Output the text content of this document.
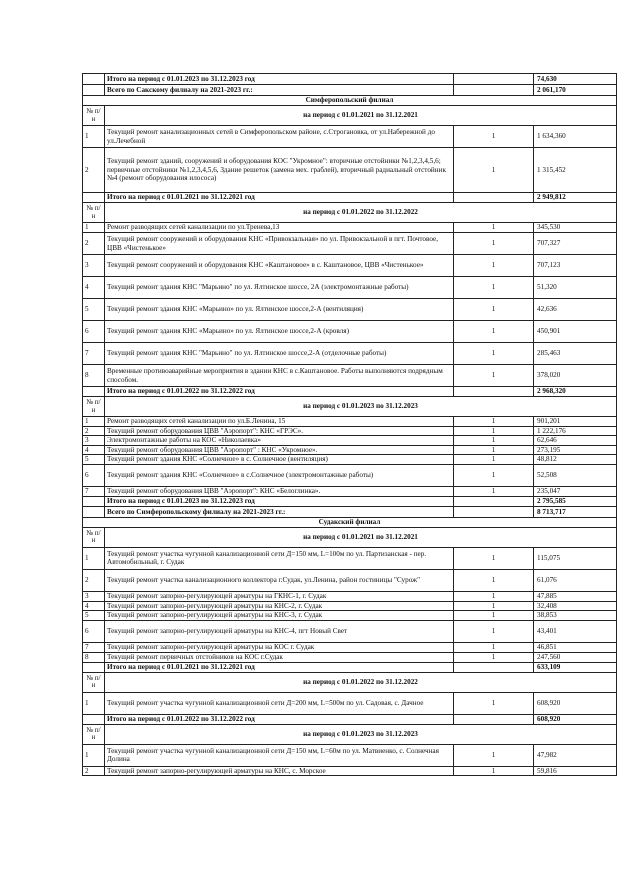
	Итого на период с 01.01.2023 по 31.12.2023 год		74,630
	Всего по Сакскому филиалу на 2021-2023 гг.:		2 061,170
Симферопольский филиал			
№ п/н	на период с 01.01.2021 по 31.12.2021		
1	Текущий ремонт канализационных сетей в Симферопольском районе, с.Строгановка, от ул.Набережной до ул.Лечебной	1	1 634,360
2	Текущий ремонт зданий, сооружений и оборудования КОС "Укромное": вторичные отстойники №1,2,3,4,5,6; первичные отстойники №1,2,3,4,5,6, Здание решеток (замена мех. граблей), вторичный радиальный отстойник №4 (ремонт оборудования илососа)	1	1 315,452
	Итого на период с 01.01.2021 по 31.12.2021 год		2 949,812
№ п/н	на период с 01.01.2022 по 31.12.2022		
1	Ремонт разводящих сетей канализации по ул.Тренева,13	1	345,530
2	Текущий ремонт сооружений и оборудования КНС «Привокзальная» по ул. Привокзальной в пгт. Почтовое, ЦВВ «Чистенькое»	1	707,327
3	Текущий ремонт сооружений и оборудования КНС «Каштановое» в с. Каштановое, ЦВВ «Чистенькое»	1	707,123
4	Текущий ремонт здания КНС "Марьино" по ул. Ялтинское шоссе, 2А (электромонтажные работы)	1	51,320
5	Текущий ремонт здания КНС «Марьино» по ул. Ялтинское шоссе,2-А (вентиляция)	1	42,636
6	Текущий ремонт здания КНС «Марьино» по ул. Ялтинское шоссе,2-А (кровля)	1	450,901
7	Текущий ремонт здания КНС "Марьино" по ул. Ялтинское шоссе,2-А (отделочные работы)	1	285,463
8	Временные противоаварийные мероприятия в здании КНС в с.Каштановое. Работы выполняются подрядным способом.	1	378,020
	Итого на период с 01.01.2022 по 31.12.2022 год		2 968,320
№ п/н	на период с 01.01.2023 по 31.12.2023		
1	Ремонт разводящих сетей канализации по ул.Б.Ленина, 15	1	901,201
2	Текущий ремонт оборудования ЦВВ "Аэропорт": КНС «ГРЭС».	1	1 222,176
3	Электромонтажные работы на КОС «Николаевка»	1	62,646
4	Текущий ремонт оборудования ЦВВ "Аэропорт" : КНС «Укромное».	1	273,195
5	Текущий ремонт здания КНС «Солнечное» в с. Солнечное (вентиляция)	1	48,812
6	Текущий ремонт здания КНС «Солнечное» в с.Солнечное (электромонтажные работы)	1	52,508
7	Текущий ремонт оборудования ЦВВ "Аэропорт": КНС «Белоглинка».	1	235,047
	Итого на период с 01.01.2023 по 31.12.2023 год		2 795,585
	Всего по Симферопольскому филиалу на 2021-2023 гг.:		8 713,717
Судакский филиал			
№ п/н	на период с 01.01.2021 по 31.12.2021		
1	Текущий ремонт участка чугунной канализационной сети Д=150 мм, L=100м по ул. Партизанская - пер. Автомобильный, г. Судак	1	115,075
2	Текущий ремонт участка канализационного коллектора г.Судак, ул.Ленина, район гостиницы "Сурож"	1	61,076
3	Текущий ремонт запорно-регулирующей арматуры на ГКНС-1, г. Судак	1	47,885
4	Текущий ремонт запорно-регулирующей арматуры на КНС-2, г. Судак	1	32,408
5	Текущий ремонт запорно-регулирующей арматуры на КНС-3, г. Судак	1	38,853
6	Текущий ремонт запорно-регулирующей арматуры на КНС-4, пгт Новый Свет	1	43,401
7	Текущий ремонт запорно-регулирующей арматуры на КОС г. Судак	1	46,851
8	Текущий ремонт первичных отстойников на КОС г.Судак	1	247,560
	Итого на период с 01.01.2021 по 31.12.2021 год		633,109
№ п/н	на период с 01.01.2022 по 31.12.2022		
1	Текущий ремонт участка чугунной канализационной сети Д=200 мм, L=500м по ул. Садовая, с. Дачное	1	608,920
	Итого на период с 01.01.2022 по 31.12.2022 год		608,920
№ п/н	на период с 01.01.2023 по 31.12.2023		
1	Текущий ремонт участка чугунной канализационной сети Д=150 мм, L=60м по ул. Матвиенко, с. Солнечная Долина	1	47,982
2	Текущий ремонт запорно-регулирующей арматуры на КНС, с. Морское	1	59,816
